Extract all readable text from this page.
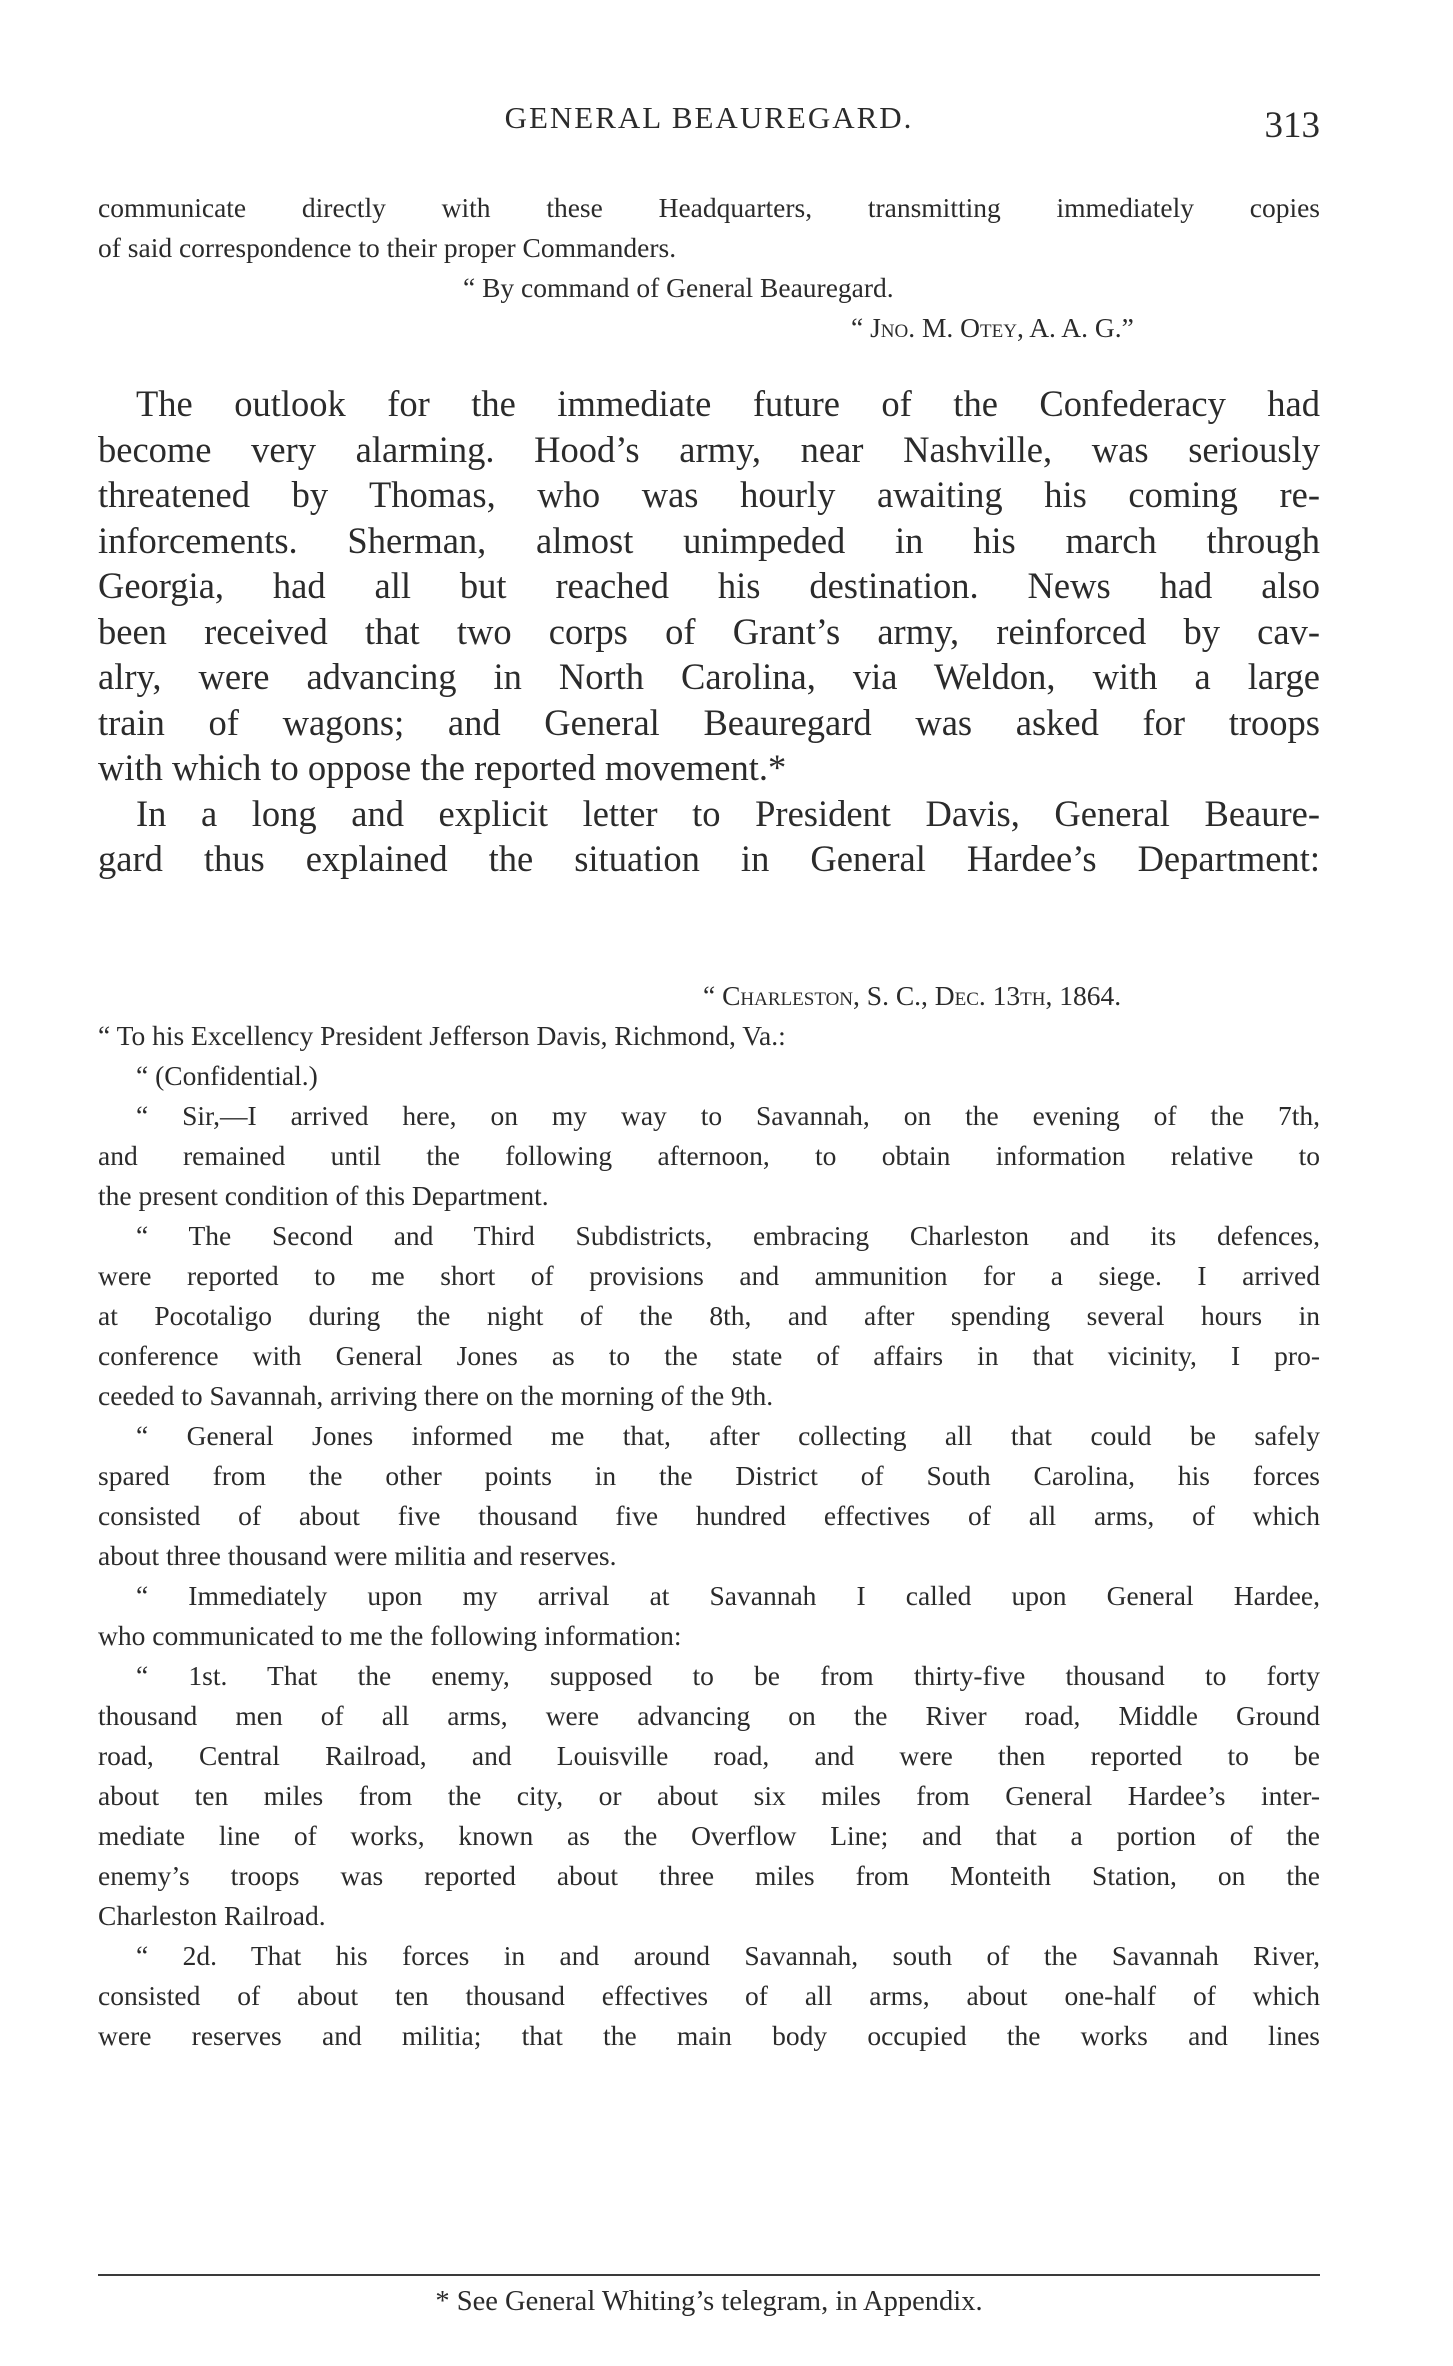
GENERAL BEAUREGARD.	313
communicate directly with these Headquarters, transmitting immediately copies
of said correspondence to their proper Commanders.
“ By command of General Beauregard.
“ Jno. M. Otey, A. A. G.”
The outlook for the immediate future of the Confederacy had
become very alarming. Hood’s army, near Nashville, was seriously
threatened by Thomas, who was hourly awaiting his coming re-
inforcements. Sherman, almost unimpeded in his march through
Georgia, had all but reached his destination. News had also
been received that two corps of Grant’s army, reinforced by cav-
alry, were advancing in North Carolina, via Weldon, with a large
train of wagons; and General Beauregard was asked for troops
with which to oppose the reported movement.*
In a long and explicit letter to President Davis, General Beaure-
gard thus explained the situation in General Hardee’s Department:
“ Charleston, S. C., Dec. 13th, 1864.
“ To his Excellency President Jefferson Davis, Richmond, Va.:
“ (Confidential.)
“ Sir,—I arrived here, on my way to Savannah, on the evening of the 7th,
and remained until the following afternoon, to obtain information relative to
the present condition of this Department.
“ The Second and Third Subdistricts, embracing Charleston and its defences,
were reported to me short of provisions and ammunition for a siege. I arrived
at Pocotaligo during the night of the 8th, and after spending several hours in
conference with General Jones as to the state of affairs in that vicinity, I pro-
ceeded to Savannah, arriving there on the morning of the 9th.
“ General Jones informed me that, after collecting all that could be safely
spared from the other points in the District of South Carolina, his forces
consisted of about five thousand five hundred effectives of all arms, of which
about three thousand were militia and reserves.
“ Immediately upon my arrival at Savannah I called upon General Hardee,
who communicated to me the following information:
“ 1st. That the enemy, supposed to be from thirty-five thousand to forty
thousand men of all arms, were advancing on the River road, Middle Ground
road, Central Railroad, and Louisville road, and were then reported to be
about ten miles from the city, or about six miles from General Hardee’s inter-
mediate line of works, known as the Overflow Line; and that a portion of the
enemy’s troops was reported about three miles from Monteith Station, on the
Charleston Railroad.
“ 2d. That his forces in and around Savannah, south of the Savannah River,
consisted of about ten thousand effectives of all arms, about one-half of which
were reserves and militia; that the main body occupied the works and lines
* See General Whiting’s telegram, in Appendix.
